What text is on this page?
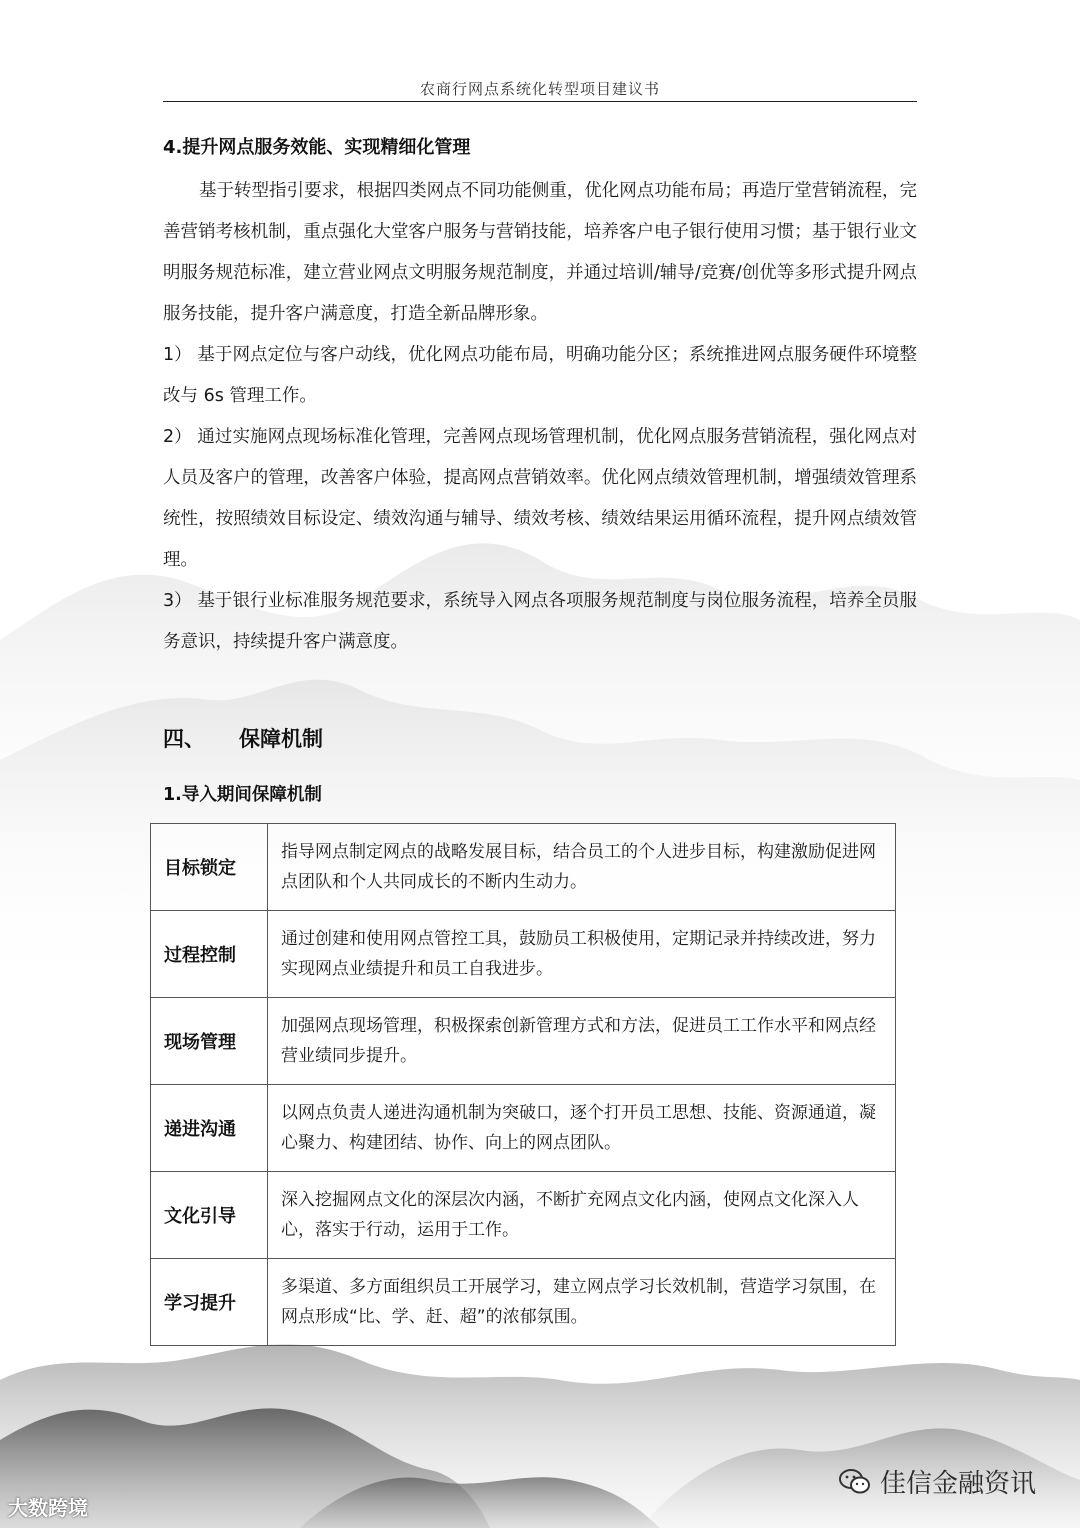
农商行网点系统化转型项目建议书
4.提升网点服务效能、实现精细化管理

基于转型指引要求，根据四类网点不同功能侧重，优化网点功能布局；再造厅堂营销流程，完善营销考核机制，重点强化大堂客户服务与营销技能，培养客户电子银行使用习惯；基于银行业文明服务规范标准，建立营业网点文明服务规范制度，并通过培训/辅导/竞赛/创优等多形式提升网点服务技能，提升客户满意度，打造全新品牌形象。

1） 基于网点定位与客户动线，优化网点功能布局，明确功能分区；系统推进网点服务硬件环境整改与 6s 管理工作。

2） 通过实施网点现场标准化管理，完善网点现场管理机制，优化网点服务营销流程，强化网点对人员及客户的管理，改善客户体验，提高网点营销效率。优化网点绩效管理机制，增强绩效管理系统性，按照绩效目标设定、绩效沟通与辅导、绩效考核、绩效结果运用循环流程，提升网点绩效管理。

3） 基于银行业标准服务规范要求，系统导入网点各项服务规范制度与岗位服务流程，培养全员服务意识，持续提升客户满意度。

四、 保障机制
1.导入期间保障机制
目标锁定	指导网点制定网点的战略发展目标，结合员工的个人进步目标，构建激励促进网点团队和个人共同成长的不断内生动力。
过程控制	通过创建和使用网点管控工具，鼓励员工积极使用，定期记录并持续改进，努力实现网点业绩提升和员工自我进步。
现场管理	加强网点现场管理，积极探索创新管理方式和方法，促进员工工作水平和网点经营业绩同步提升。
递进沟通	以网点负责人递进沟通机制为突破口，逐个打开员工思想、技能、资源通道，凝心聚力、构建团结、协作、向上的网点团队。
文化引导	深入挖掘网点文化的深层次内涵，不断扩充网点文化内涵，使网点文化深入人心，落实于行动，运用于工作。
学习提升	多渠道、多方面组织员工开展学习，建立网点学习长效机制，营造学习氛围，在网点形成“比、学、赶、超”的浓郁氛围。
大数跨境
佳信金融资讯
